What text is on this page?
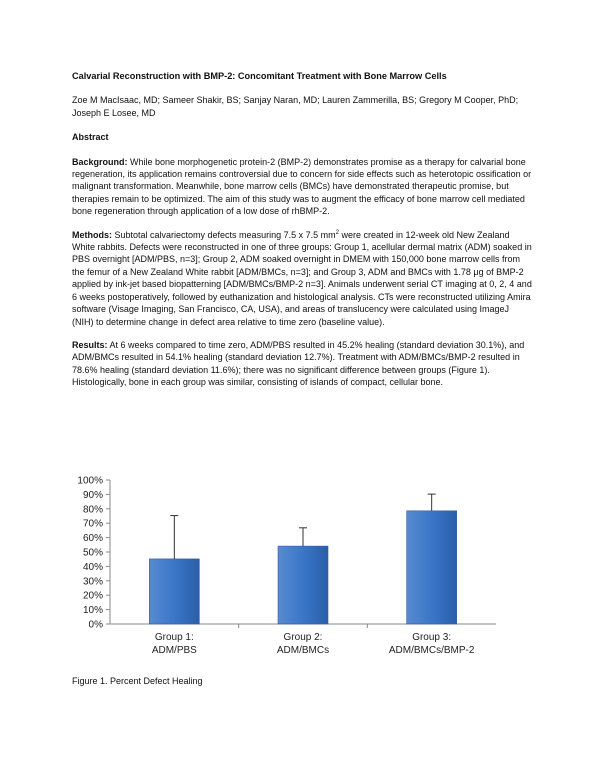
Calvarial Reconstruction with BMP-2: Concomitant Treatment with Bone Marrow Cells
Zoe M MacIsaac, MD; Sameer Shakir, BS; Sanjay Naran, MD; Lauren Zammerilla, BS; Gregory M Cooper, PhD; Joseph E Losee, MD
Abstract

Background: While bone morphogenetic protein-2 (BMP-2) demonstrates promise as a therapy for calvarial bone regeneration, its application remains controversial due to concern for side effects such as heterotopic ossification or malignant transformation. Meanwhile, bone marrow cells (BMCs) have demonstrated therapeutic promise, but therapies remain to be optimized. The aim of this study was to augment the efficacy of bone marrow cell mediated bone regeneration through application of a low dose of rhBMP-2.

Methods: Subtotal calvariectomy defects measuring 7.5 x 7.5 $mm^2$ were created in 12-week old New Zealand White rabbits. Defects were reconstructed in one of three groups: Group 1, acellular dermal matrix (ADM) soaked in PBS overnight [ADM/PBS, n=3]; Group 2, ADM soaked overnight in DMEM with 150,000 bone marrow cells from the femur of a New Zealand White rabbit [ADM/BMCs, n=3]; and Group 3, ADM and BMCs with 1.78 μg of BMP-2 applied by ink-jet based biopatterning [ADM/BMCs/BMP-2 n=3]. Animals underwent serial CT imaging at 0, 2, 4 and 6 weeks postoperatively, followed by euthanization and histological analysis. CTs were reconstructed utilizing Amira software (Visage Imaging, San Francisco, CA, USA), and areas of translucency were calculated using ImageJ (NIH) to determine change in defect area relative to time zero (baseline value).

Results: At 6 weeks compared to time zero, ADM/PBS resulted in 45.2% healing (standard deviation 30.1%), and ADM/BMCs resulted in 54.1% healing (standard deviation 12.7%). Treatment with ADM/BMCs/BMP-2 resulted in 78.6% healing (standard deviation 11.6%); there was no significant difference between groups (Figure 1). Histologically, bone in each group was similar, consisting of islands of compact, cellular bone.

0%
10%
20%
30%
40%
50%
60%
70%
80%
90%
100%
Group 1:
ADM/PBS
Group 2:
ADM/BMCs
Group 3:
ADM/BMCs/BMP-2
Figure 1. Percent Defect Healing
